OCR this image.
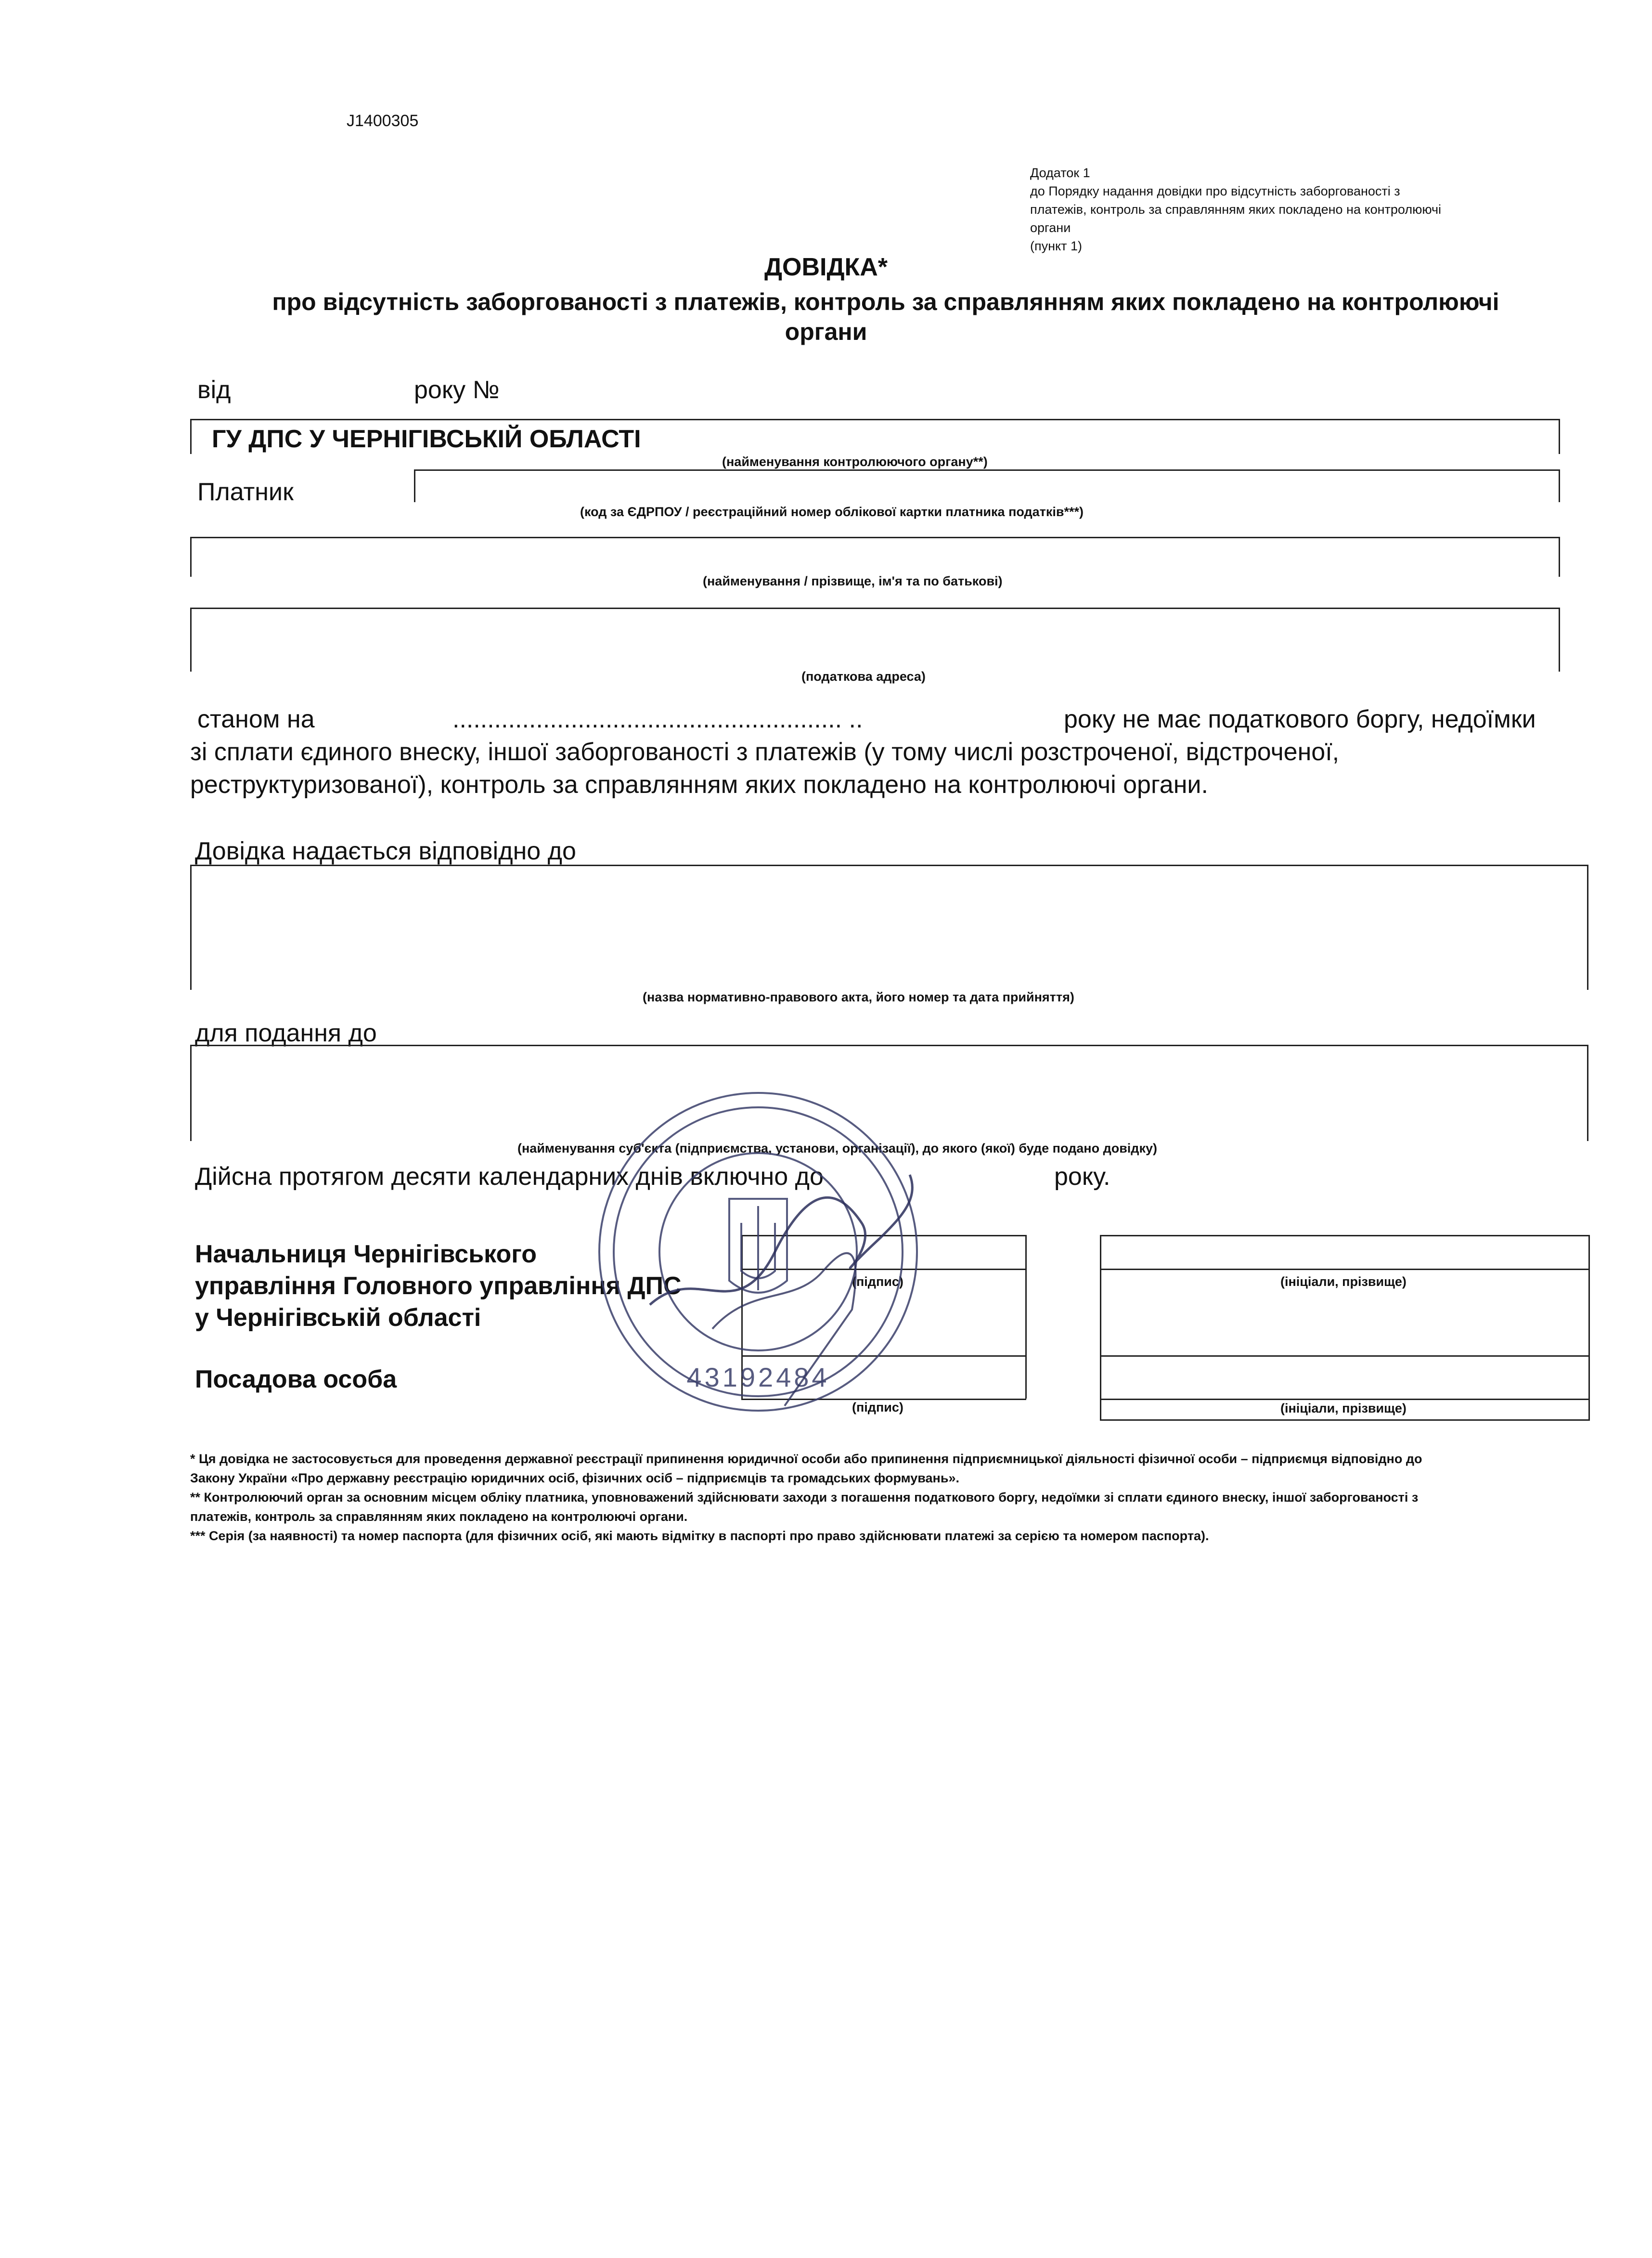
J1400305
Додаток 1
до Порядку надання довідки про відсутність заборгованості з
платежів, контроль за справлянням яких покладено на контролюючі
органи
(пункт 1)
ДОВІДКА*
про відсутність заборгованості з платежів, контроль за справлянням яких покладено на контролюючі
органи
від	року №
ГУ ДПС У ЧЕРНІГІВСЬКІЙ ОБЛАСТІ
(найменування контролюючого органу**)
Платник
(код за ЄДРПОУ / реєстраційний номер облікової картки платника податків***)
(найменування / прізвище, ім'я та по батькові)
(податкова адреса)
станом на	........................................................ ..	року не має податкового боргу, недоїмки
зі сплати єдиного внеску, іншої заборгованості з платежів (у тому числі розстроченої, відстроченої,
реструктуризованої), контроль за справлянням яких покладено на контролюючі органи.
Довідка надається відповідно до
(назва нормативно-правового акта, його номер та дата прийняття)
для подання до
(найменування суб'єкта (підприємства, установи, організації), до якого (якої) буде подано довідку)
Дійсна протягом десяти календарних днів включно до	року.
Начальниця Чернігівського
управління Головного управління ДПС
у Чернігівській області
Посадова особа
(підпис)
(підпис)
(ініціали, прізвище)
(ініціали, прізвище)
43192484
* Ця довідка не застосовується для проведення державної реєстрації припинення юридичної особи або припинення підприємницької діяльності фізичної особи – підприємця відповідно до
Закону України «Про державну реєстрацію юридичних осіб, фізичних осіб – підприємців та громадських формувань».
** Контролюючий орган за основним місцем обліку платника, уповноважений здійснювати заходи з погашення податкового боргу, недоїмки зі сплати єдиного внеску, іншої заборгованості з
платежів, контроль за справлянням яких покладено на контролюючі органи.
*** Серія (за наявності) та номер паспорта (для фізичних осіб, які мають відмітку в паспорті про право здійснювати платежі за серією та номером паспорта).
